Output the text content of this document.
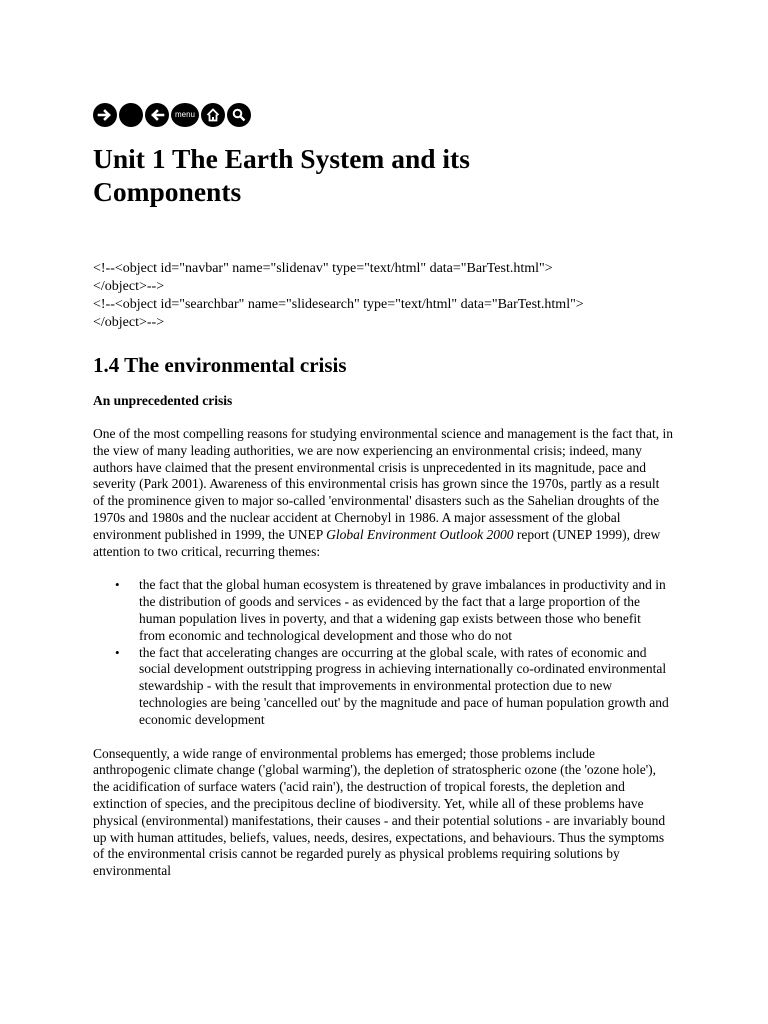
menu
Unit 1 The Earth System and its Components
<!--<object id="navbar" name="slidenav" type="text/html" data="BarTest.html">
</object>-->
<!--<object id="searchbar" name="slidesearch" type="text/html" data="BarTest.html">
</object>-->
1.4 The environmental crisis
An unprecedented crisis

One of the most compelling reasons for studying environmental science and management is the fact that, in the view of many leading authorities, we are now experiencing an environmental crisis; indeed, many authors have claimed that the present environmental crisis is unprecedented in its magnitude, pace and severity (Park 2001). Awareness of this environmental crisis has grown since the 1970s, partly as a result of the prominence given to major so-called 'environmental' disasters such as the Sahelian droughts of the 1970s and 1980s and the nuclear accident at Chernobyl in 1986. A major assessment of the global environment published in 1999, the UNEP Global Environment Outlook 2000 report (UNEP 1999), drew attention to two critical, recurring themes:

• the fact that the global human ecosystem is threatened by grave imbalances in productivity and in the distribution of goods and services - as evidenced by the fact that a large proportion of the human population lives in poverty, and that a widening gap exists between those who benefit from economic and technological development and those who do not
• the fact that accelerating changes are occurring at the global scale, with rates of economic and social development outstripping progress in achieving internationally co-ordinated environmental stewardship - with the result that improvements in environmental protection due to new technologies are being 'cancelled out' by the magnitude and pace of human population growth and economic development

Consequently, a wide range of environmental problems has emerged; those problems include anthropogenic climate change ('global warming'), the depletion of stratospheric ozone (the 'ozone hole'), the acidification of surface waters ('acid rain'), the destruction of tropical forests, the depletion and extinction of species, and the precipitous decline of biodiversity. Yet, while all of these problems have physical (environmental) manifestations, their causes - and their potential solutions - are invariably bound up with human attitudes, beliefs, values, needs, desires, expectations, and behaviours. Thus the symptoms of the environmental crisis cannot be regarded purely as physical problems requiring solutions by environmental
